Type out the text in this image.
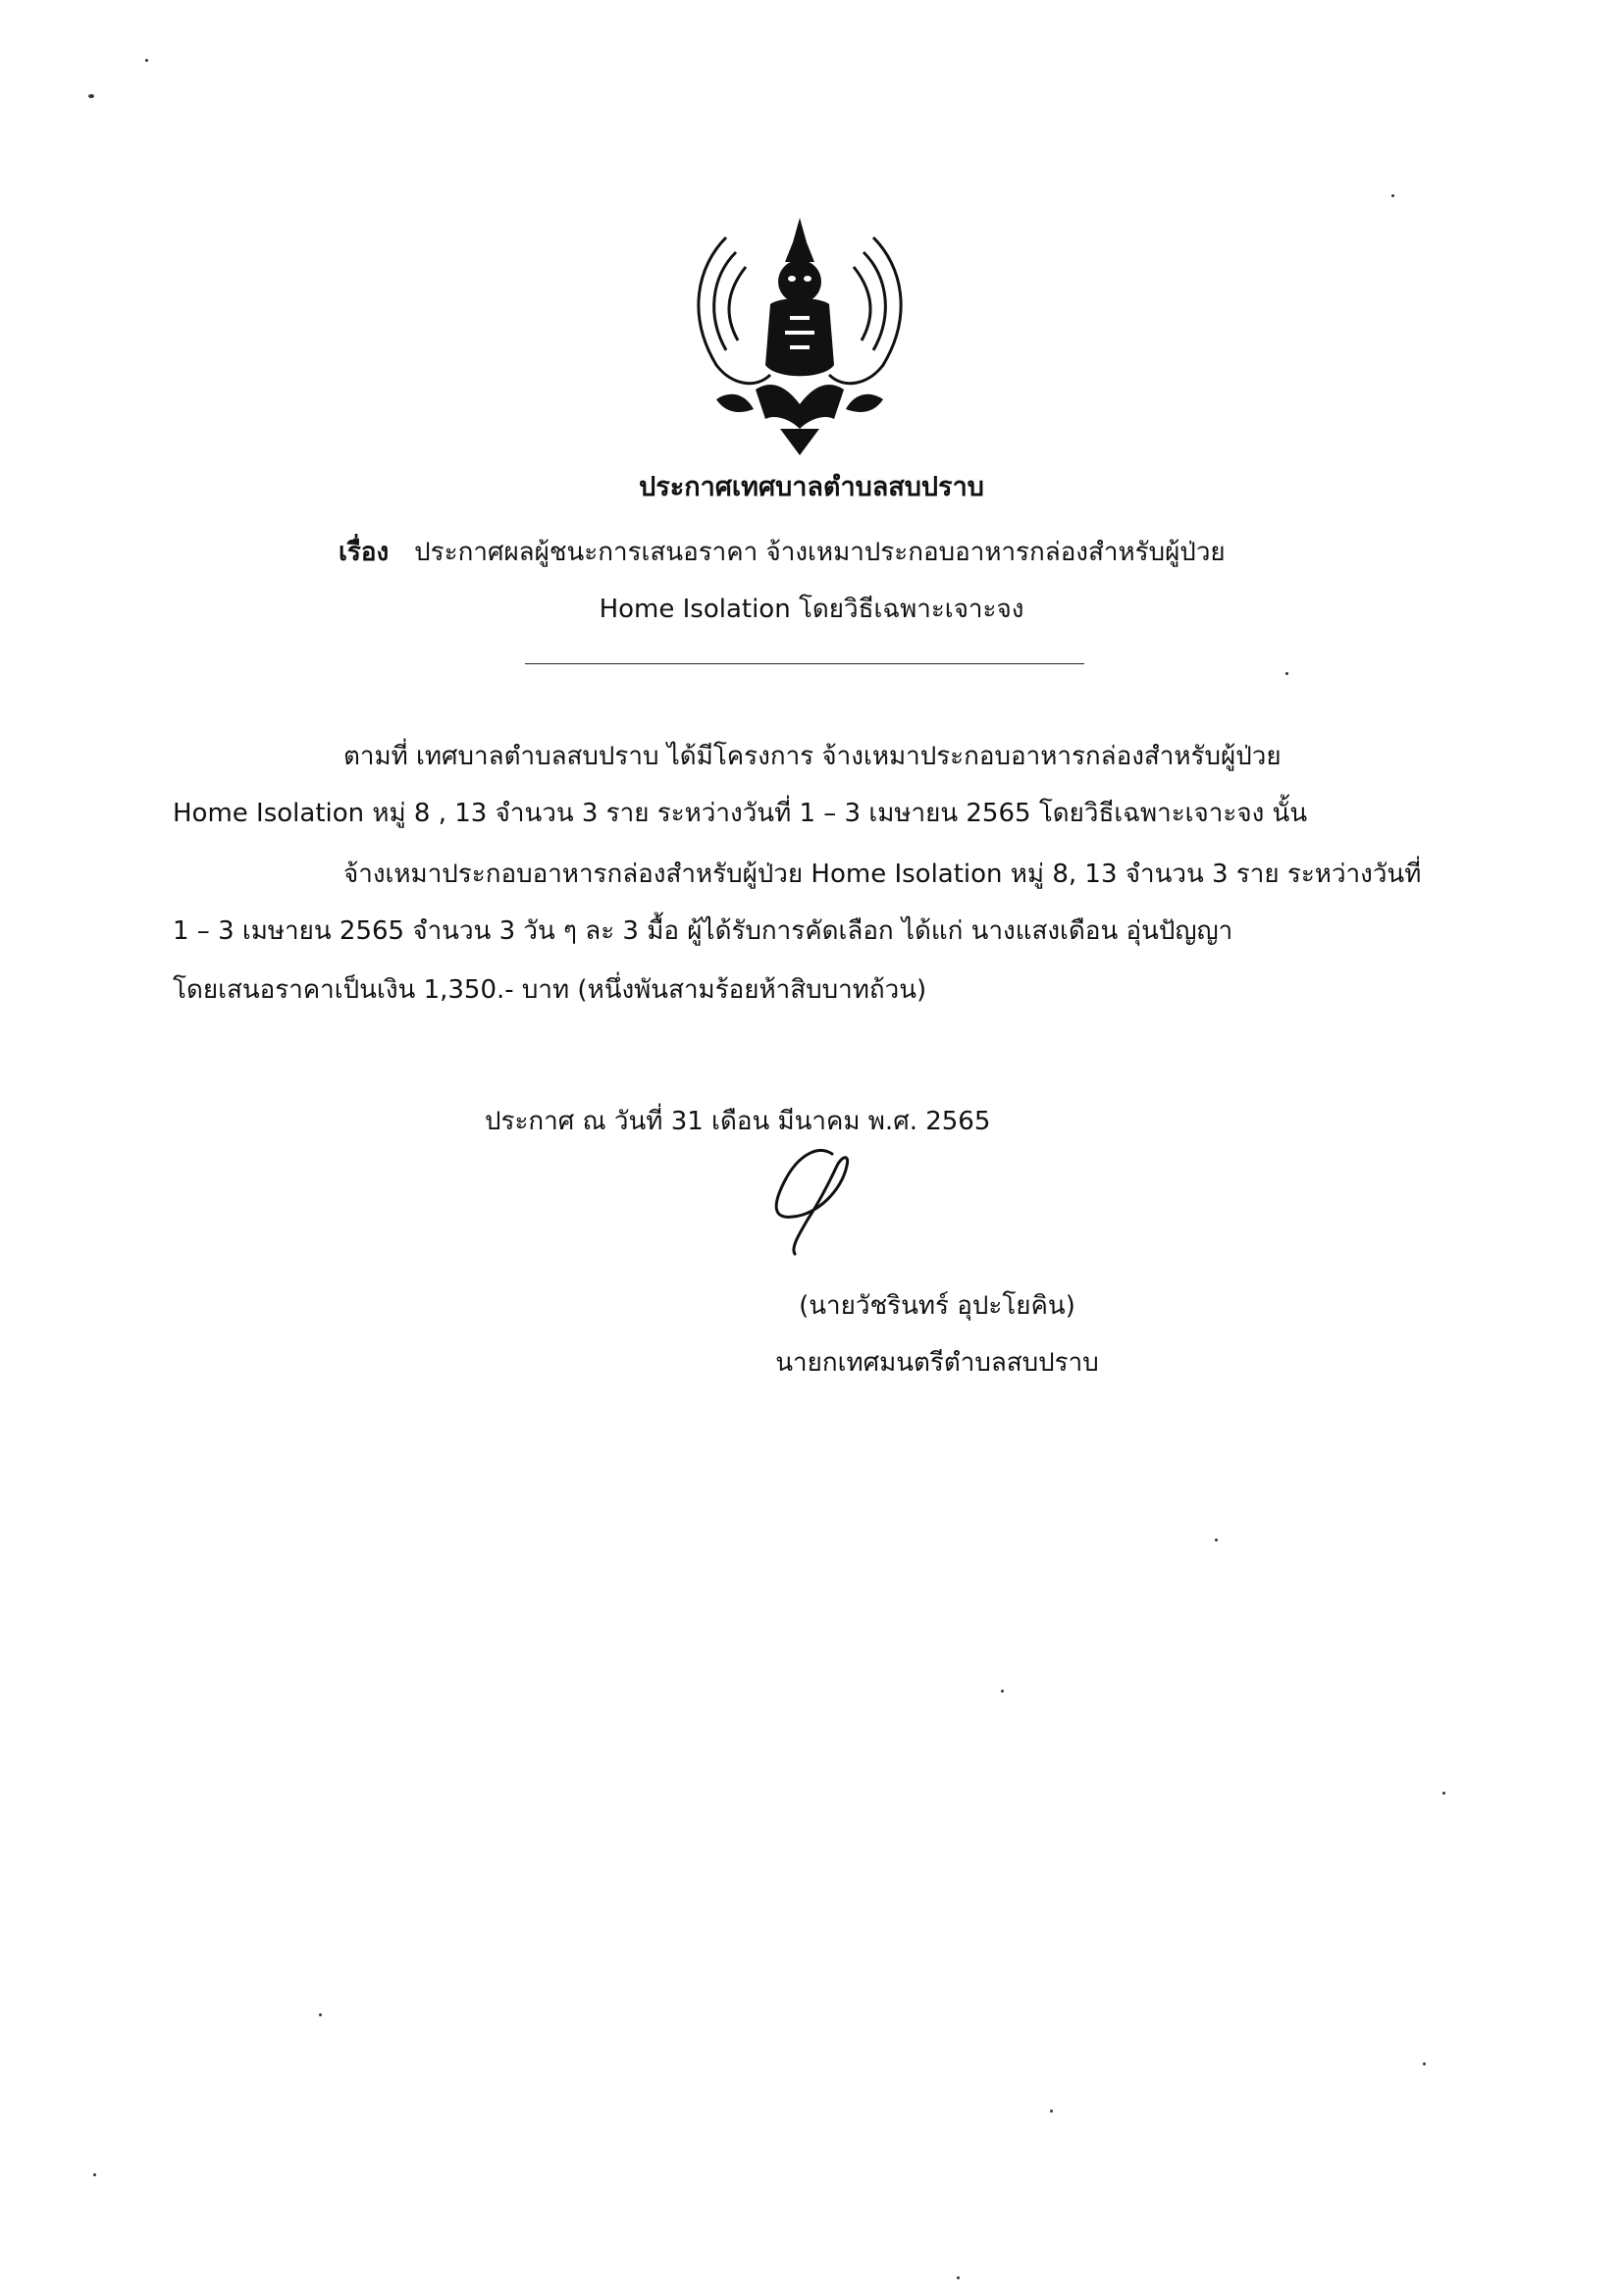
ประกาศเทศบาลตำบลสบปราบ
เรื่อง ประกาศผลผู้ชนะการเสนอราคา จ้างเหมาประกอบอาหารกล่องสำหรับผู้ป่วย
Home Isolation โดยวิธีเฉพาะเจาะจง
ตามที่ เทศบาลตำบลสบปราบ ได้มีโครงการ จ้างเหมาประกอบอาหารกล่องสำหรับผู้ป่วย
Home Isolation หมู่ 8 , 13 จำนวน 3 ราย ระหว่างวันที่ 1 – 3 เมษายน 2565 โดยวิธีเฉพาะเจาะจง นั้น
จ้างเหมาประกอบอาหารกล่องสำหรับผู้ป่วย Home Isolation หมู่ 8, 13 จำนวน 3 ราย ระหว่างวันที่
1 – 3 เมษายน 2565 จำนวน 3 วัน ๆ ละ 3 มื้อ ผู้ได้รับการคัดเลือก ได้แก่ นางแสงเดือน อุ่นปัญญา
โดยเสนอราคาเป็นเงิน 1,350.- บาท (หนึ่งพันสามร้อยห้าสิบบาทถ้วน)
ประกาศ ณ วันที่ 31 เดือน มีนาคม พ.ศ. 2565
(นายวัชรินทร์ อุปะโยคิน)
นายกเทศมนตรีตำบลสบปราบ
